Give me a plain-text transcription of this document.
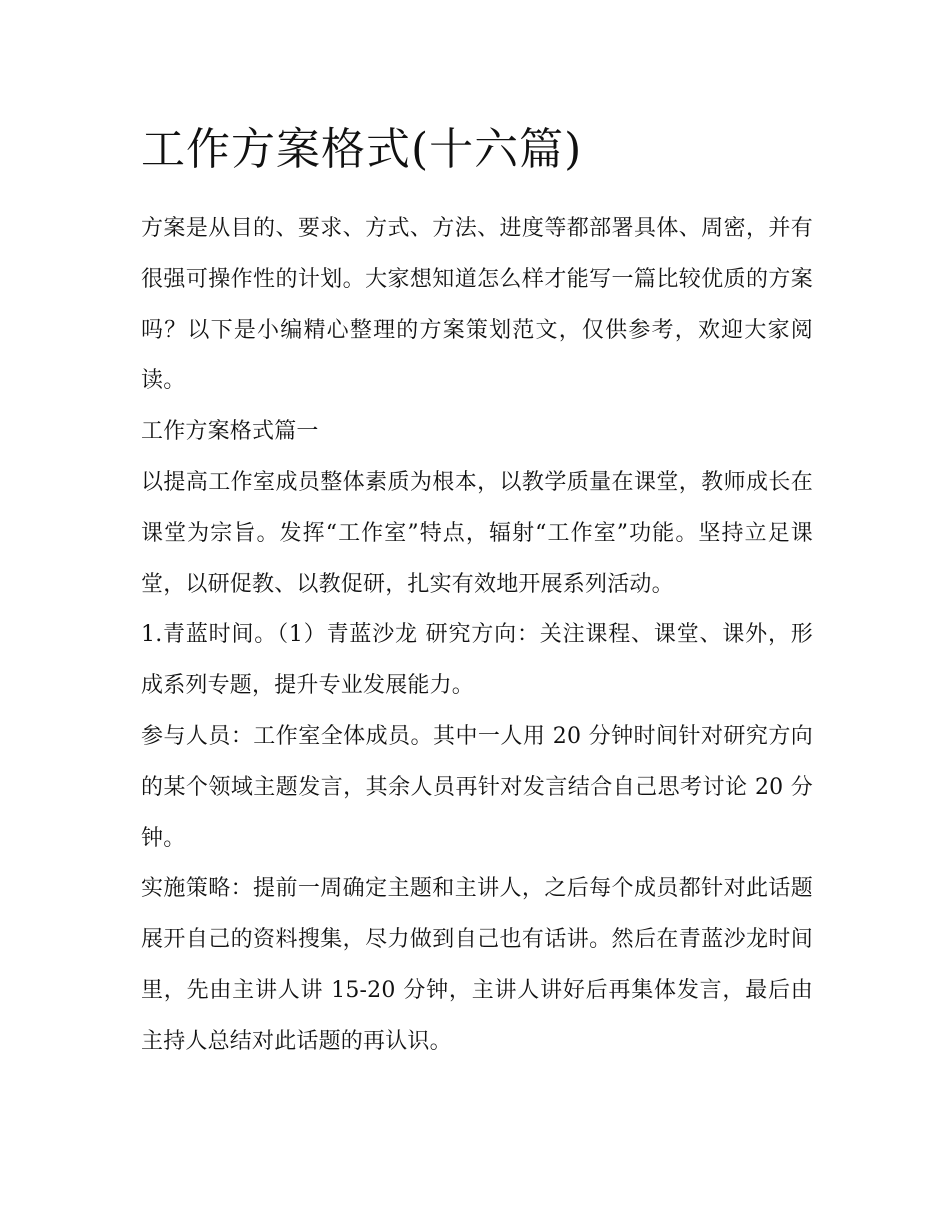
工作方案格式(十六篇)

方案是从目的、要求、方式、方法、进度等都部署具体、周密，并有很强可操作性的计划。大家想知道怎么样才能写一篇比较优质的方案吗？以下是小编精心整理的方案策划范文，仅供参考，欢迎大家阅读。

工作方案格式篇一

以提高工作室成员整体素质为根本，以教学质量在课堂，教师成长在课堂为宗旨。发挥“工作室”特点，辐射“工作室”功能。坚持立足课堂，以研促教、以教促研，扎实有效地开展系列活动。

1.青蓝时间。（1）青蓝沙龙 研究方向：关注课程、课堂、课外，形成系列专题，提升专业发展能力。

参与人员：工作室全体成员。其中一人用 20 分钟时间针对研究方向的某个领域主题发言，其余人员再针对发言结合自己思考讨论 20 分钟。

实施策略：提前一周确定主题和主讲人，之后每个成员都针对此话题展开自己的资料搜集，尽力做到自己也有话讲。然后在青蓝沙龙时间里，先由主讲人讲 15-20 分钟，主讲人讲好后再集体发言，最后由主持人总结对此话题的再认识。
